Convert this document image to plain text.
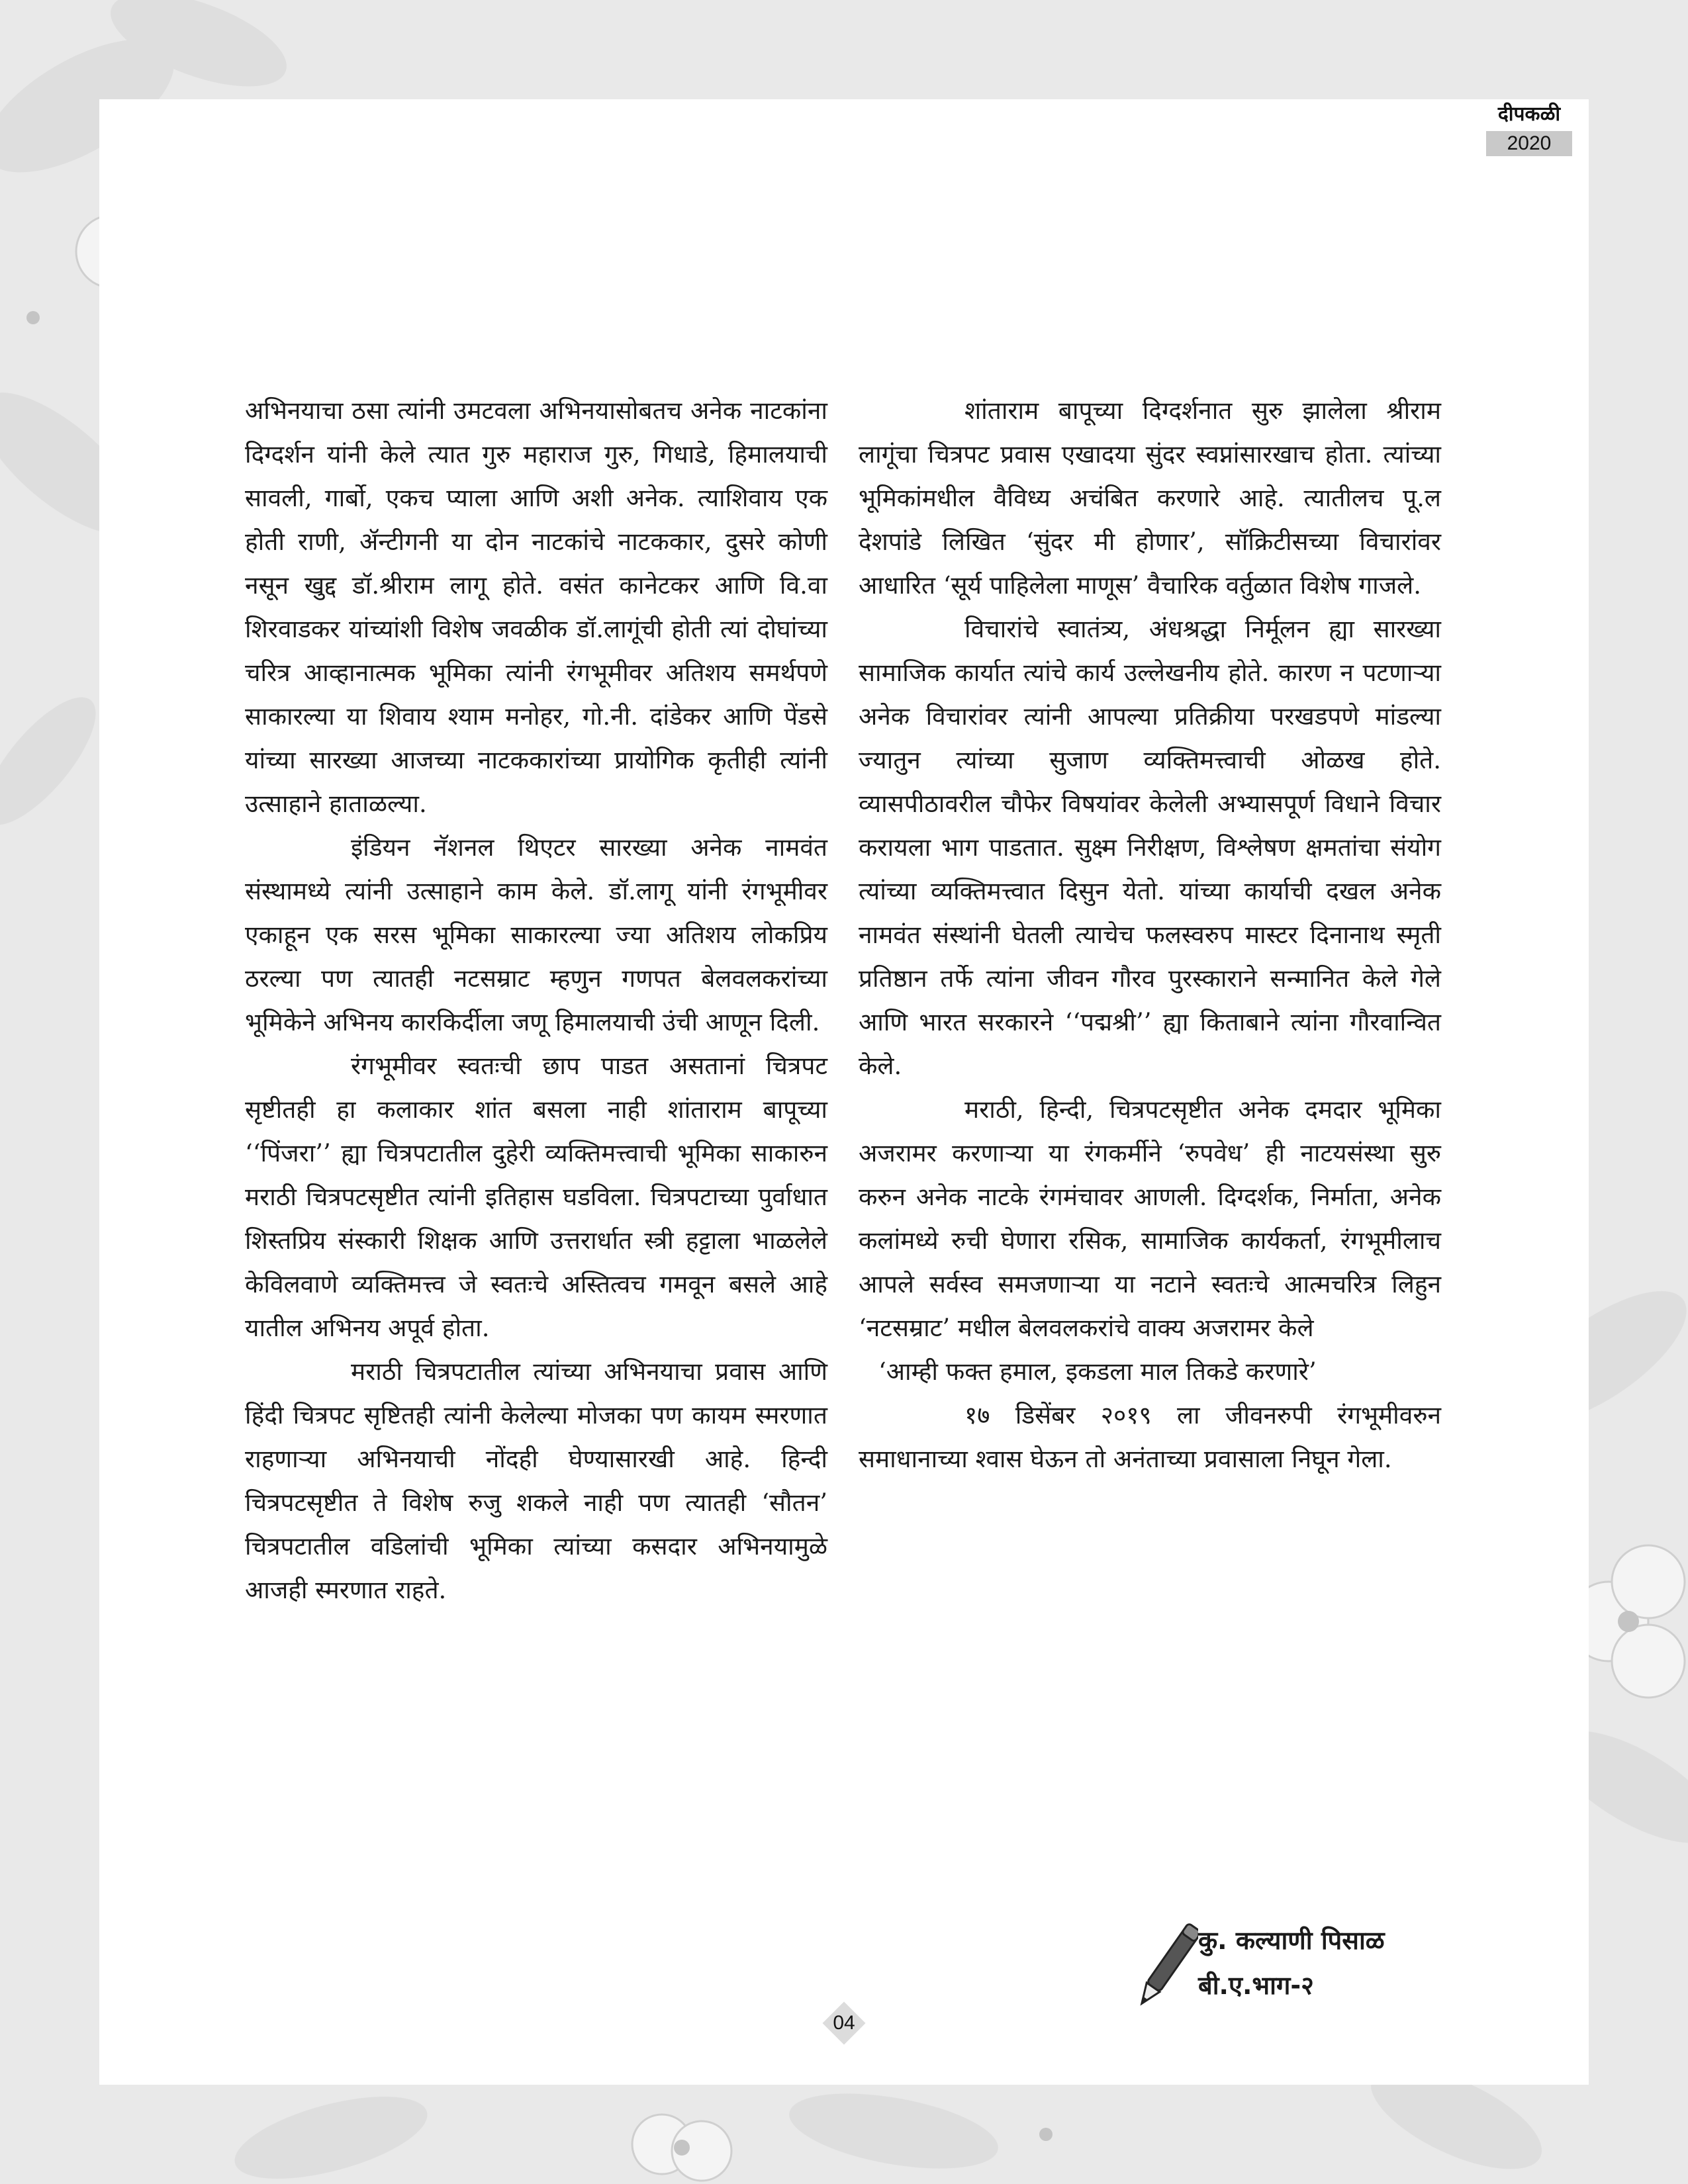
दीपकळी
2020

अभिनयाचा ठसा त्यांनी उमटवला अभिनयासोबतच अनेक नाटकांना दिग्दर्शन यांनी केले त्यात गुरु महाराज गुरु, गिधाडे, हिमालयाची सावली, गार्बो, एकच प्याला आणि अशी अनेक. त्याशिवाय एक होती राणी, ॲन्टीगनी या दोन नाटकांचे नाटककार, दुसरे कोणी नसून खुद्द डॉ.श्रीराम लागू होते. वसंत कानेटकर आणि वि.वा शिरवाडकर यांच्यांशी विशेष जवळीक डॉ.लागूंची होती त्यां दोघांच्या चरित्र आव्हानात्मक भूमिका त्यांनी रंगभूमीवर अतिशय समर्थपणे साकारल्या या शिवाय श्याम मनोहर, गो.नी. दांडेकर आणि पेंडसे यांच्या सारख्या आजच्या नाटककारांच्या प्रायोगिक कृतीही त्यांनी उत्साहाने हाताळल्या.

इंडियन नॅशनल थिएटर सारख्या अनेक नामवंत संस्थामध्ये त्यांनी उत्साहाने काम केले. डॉ.लागू यांनी रंगभूमीवर एकाहून एक सरस भूमिका साकारल्या ज्या अतिशय लोकप्रिय ठरल्या पण त्यातही नटसम्राट म्हणुन गणपत बेलवलकरांच्या भूमिकेने अभिनय कारकिर्दीला जणू हिमालयाची उंची आणून दिली.

रंगभूमीवर स्वतःची छाप पाडत असतानां चित्रपट सृष्टीतही हा कलाकार शांत बसला नाही शांताराम बापूच्या ‘‘पिंजरा’’ ह्या चित्रपटातील दुहेरी व्यक्तिमत्त्वाची भूमिका साकारुन मराठी चित्रपटसृष्टीत त्यांनी इतिहास घडविला. चित्रपटाच्या पुर्वाधात शिस्तप्रिय संस्कारी शिक्षक आणि उत्तरार्धात स्त्री हट्टाला भाळलेले केविलवाणे व्यक्तिमत्त्व जे स्वतःचे अस्तित्वच गमवून बसले आहे यातील अभिनय अपूर्व होता.

मराठी चित्रपटातील त्यांच्या अभिनयाचा प्रवास आणि हिंदी चित्रपट सृष्टितही त्यांनी केलेल्या मोजका पण कायम स्मरणात राहणाऱ्या अभिनयाची नोंदही घेण्यासारखी आहे. हिन्दी चित्रपटसृष्टीत ते विशेष रुजु शकले नाही पण त्यातही ‘सौतन’ चित्रपटातील वडिलांची भूमिका त्यांच्या कसदार अभिनयामुळे आजही स्मरणात राहते.

शांताराम बापूच्या दिग्दर्शनात सुरु झालेला श्रीराम लागूंचा चित्रपट प्रवास एखादया सुंदर स्वप्नांसारखाच होता. त्यांच्या भूमिकांमधील वैविध्य अचंबित करणारे आहे. त्यातीलच पू.ल देशपांडे लिखित ‘सुंदर मी होणार’, सॉक्रिटीसच्या विचारांवर आधारित ‘सूर्य पाहिलेला माणूस’ वैचारिक वर्तुळात विशेष गाजले.

विचारांचे स्वातंत्र्य, अंधश्रद्धा निर्मूलन ह्या सारख्या सामाजिक कार्यात त्यांचे कार्य उल्लेखनीय होते. कारण न पटणाऱ्या अनेक विचारांवर त्यांनी आपल्या प्रतिक्रीया परखडपणे मांडल्या ज्यातुन त्यांच्या सुजाण व्यक्तिमत्त्वाची ओळख होते. व्यासपीठावरील चौफेर विषयांवर केलेली अभ्यासपूर्ण विधाने विचार करायला भाग पाडतात. सुक्ष्म निरीक्षण, विश्लेषण क्षमतांचा संयोग त्यांच्या व्यक्तिमत्त्वात दिसुन येतो. यांच्या कार्याची दखल अनेक नामवंत संस्थांनी घेतली त्याचेच फलस्वरुप मास्टर दिनानाथ स्मृती प्रतिष्ठान तर्फे त्यांना जीवन गौरव पुरस्काराने सन्मानित केले गेले आणि भारत सरकारने ‘‘पद्मश्री’’ ह्या किताबाने त्यांना गौरवान्वित केले.

मराठी, हिन्दी, चित्रपटसृष्टीत अनेक दमदार भूमिका अजरामर करणाऱ्या या रंगकर्मीने ‘रुपवेध’ ही नाटयसंस्था सुरु करुन अनेक नाटके रंगमंचावर आणली. दिग्दर्शक, निर्माता, अनेक कलांमध्ये रुची घेणारा रसिक, सामाजिक कार्यकर्ता, रंगभूमीलाच आपले सर्वस्व समजणाऱ्या या नटाने स्वतःचे आत्मचरित्र लिहुन ‘नटसम्राट’ मधील बेलवलकरांचे वाक्य अजरामर केले

‘आम्ही फक्त हमाल, इकडला माल तिकडे करणारे’

१७ डिसेंबर २०१९ ला जीवनरुपी रंगभूमीवरुन समाधानाच्या श्वास घेऊन तो अनंताच्या प्रवासाला निघून गेला.

कु. कल्याणी पिसाळ
बी.ए.भाग-२
04
